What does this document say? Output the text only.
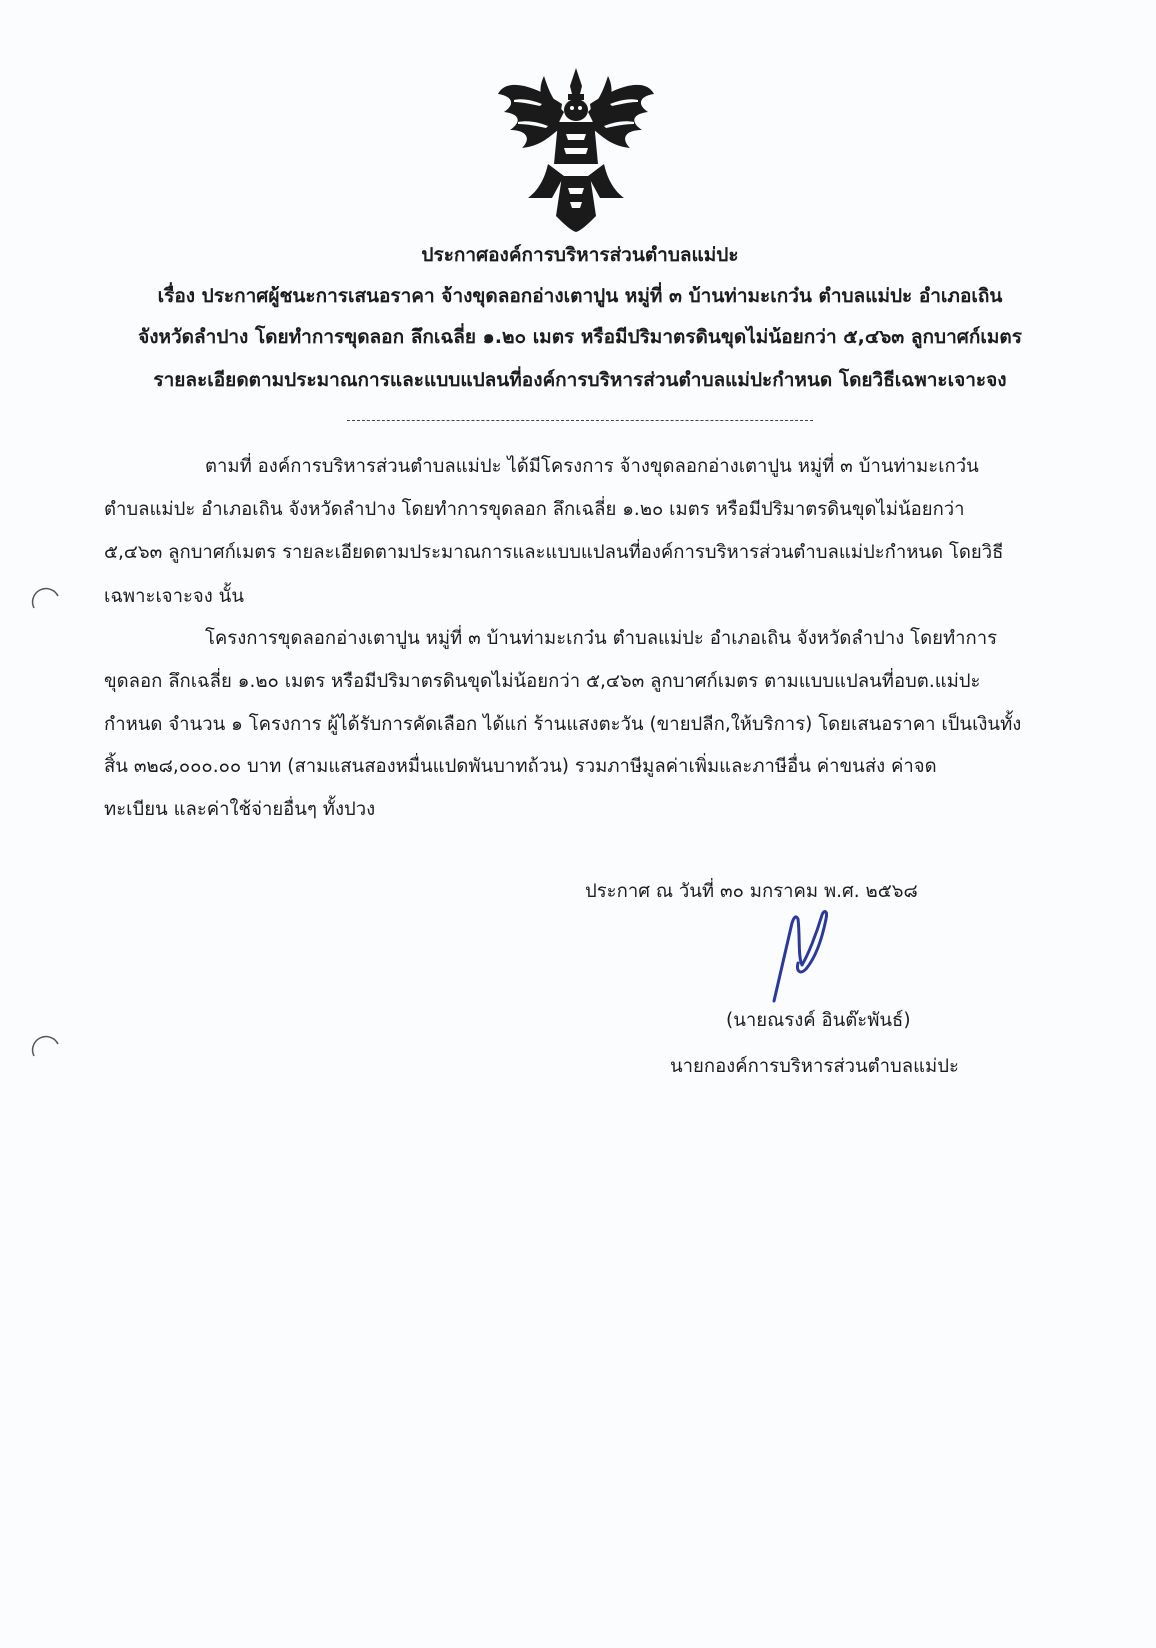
ประกาศองค์การบริหารส่วนตำบลแม่ปะ
เรื่อง ประกาศผู้ชนะการเสนอราคา จ้างขุดลอกอ่างเตาปูน หมู่ที่ ๓ บ้านท่ามะเกว๋น ตำบลแม่ปะ อำเภอเถิน
จังหวัดลำปาง โดยทำการขุดลอก ลึกเฉลี่ย ๑.๒๐ เมตร หรือมีปริมาตรดินขุดไม่น้อยกว่า ๕,๔๖๓ ลูกบาศก์เมตร
รายละเอียดตามประมาณการและแบบแปลนที่องค์การบริหารส่วนตำบลแม่ปะกำหนด โดยวิธีเฉพาะเจาะจง
ตามที่ องค์การบริหารส่วนตำบลแม่ปะ ได้มีโครงการ จ้างขุดลอกอ่างเตาปูน หมู่ที่ ๓ บ้านท่ามะเกว๋น
ตำบลแม่ปะ อำเภอเถิน จังหวัดลำปาง โดยทำการขุดลอก ลึกเฉลี่ย ๑.๒๐ เมตร หรือมีปริมาตรดินขุดไม่น้อยกว่า
๕,๔๖๓ ลูกบาศก์เมตร รายละเอียดตามประมาณการและแบบแปลนที่องค์การบริหารส่วนตำบลแม่ปะกำหนด โดยวิธี
เฉพาะเจาะจง นั้น
โครงการขุดลอกอ่างเตาปูน หมู่ที่ ๓ บ้านท่ามะเกว๋น ตำบลแม่ปะ อำเภอเถิน จังหวัดลำปาง โดยทำการ
ขุดลอก ลึกเฉลี่ย ๑.๒๐ เมตร หรือมีปริมาตรดินขุดไม่น้อยกว่า ๕,๔๖๓ ลูกบาศก์เมตร ตามแบบแปลนที่อบต.แม่ปะ
กำหนด จำนวน ๑ โครงการ ผู้ได้รับการคัดเลือก ได้แก่ ร้านแสงตะวัน (ขายปลีก,ให้บริการ) โดยเสนอราคา เป็นเงินทั้ง
สิ้น ๓๒๘,๐๐๐.๐๐ บาท (สามแสนสองหมื่นแปดพันบาทถ้วน) รวมภาษีมูลค่าเพิ่มและภาษีอื่น ค่าขนส่ง ค่าจด
ทะเบียน และค่าใช้จ่ายอื่นๆ ทั้งปวง
ประกาศ ณ วันที่ ๓๐ มกราคม พ.ศ. ๒๕๖๘
(นายณรงค์ อินต๊ะพันธ์)
นายกองค์การบริหารส่วนตำบลแม่ปะ
